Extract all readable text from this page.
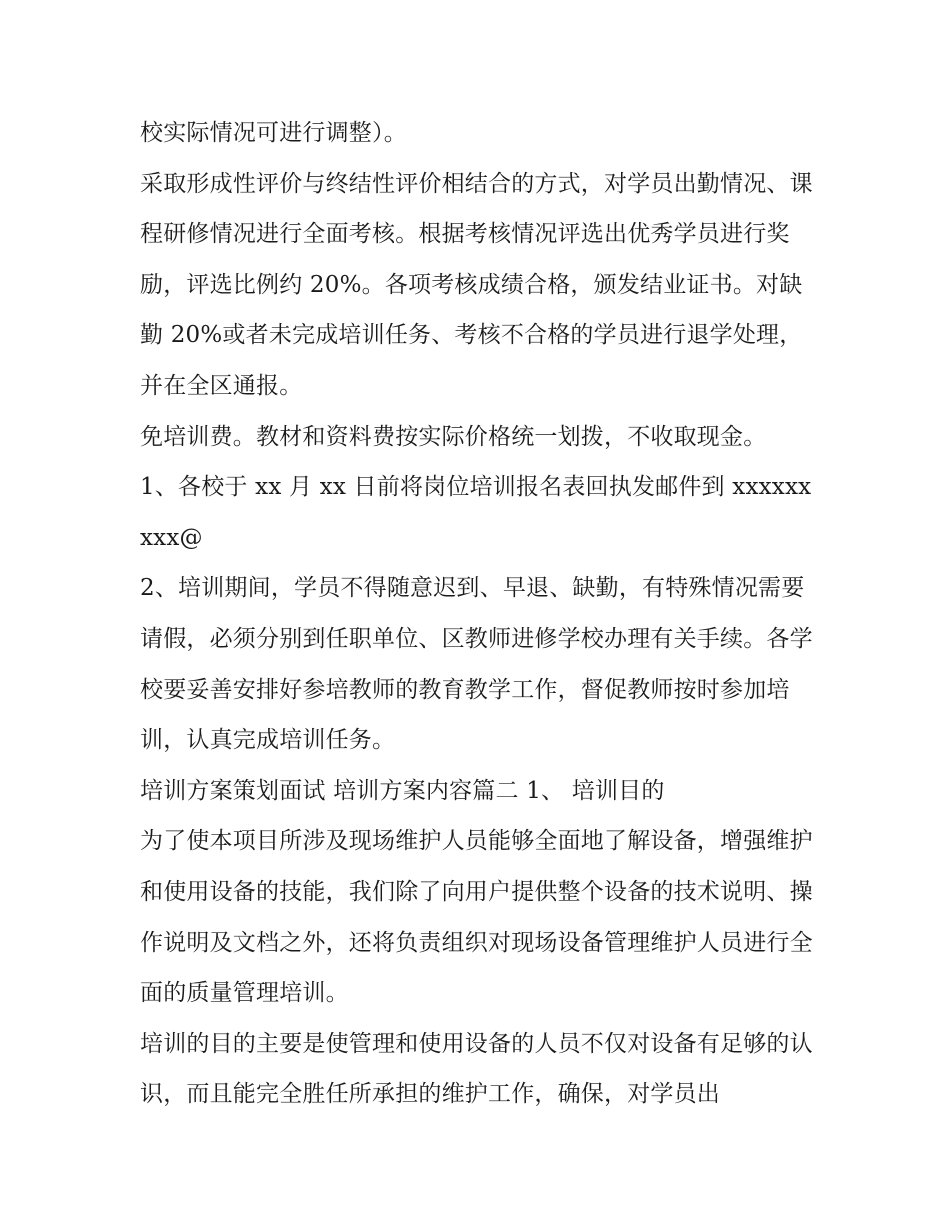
校实际情况可进行调整）。

采取形成性评价与终结性评价相结合的方式，对学员出勤情况、课程研修情况进行全面考核。根据考核情况评选出优秀学员进行奖励，评选比例约 20%。各项考核成绩合格，颁发结业证书。对缺勤 20%或者未完成培训任务、考核不合格的学员进行退学处理，并在全区通报。

免培训费。教材和资料费按实际价格统一划拨，不收取现金。

1、各校于 xx 月 xx 日前将岗位培训报名表回执发邮件到 xxxxxxxxx@

2、培训期间，学员不得随意迟到、早退、缺勤，有特殊情况需要请假，必须分别到任职单位、区教师进修学校办理有关手续。各学校要妥善安排好参培教师的教育教学工作，督促教师按时参加培训，认真完成培训任务。

培训方案策划面试 培训方案内容篇二 1、 培训目的

为了使本项目所涉及现场维护人员能够全面地了解设备，增强维护和使用设备的技能，我们除了向用户提供整个设备的技术说明、操作说明及文档之外，还将负责组织对现场设备管理维护人员进行全面的质量管理培训。

培训的目的主要是使管理和使用设备的人员不仅对设备有足够的认识，而且能完全胜任所承担的维护工作，确保，对学员出
